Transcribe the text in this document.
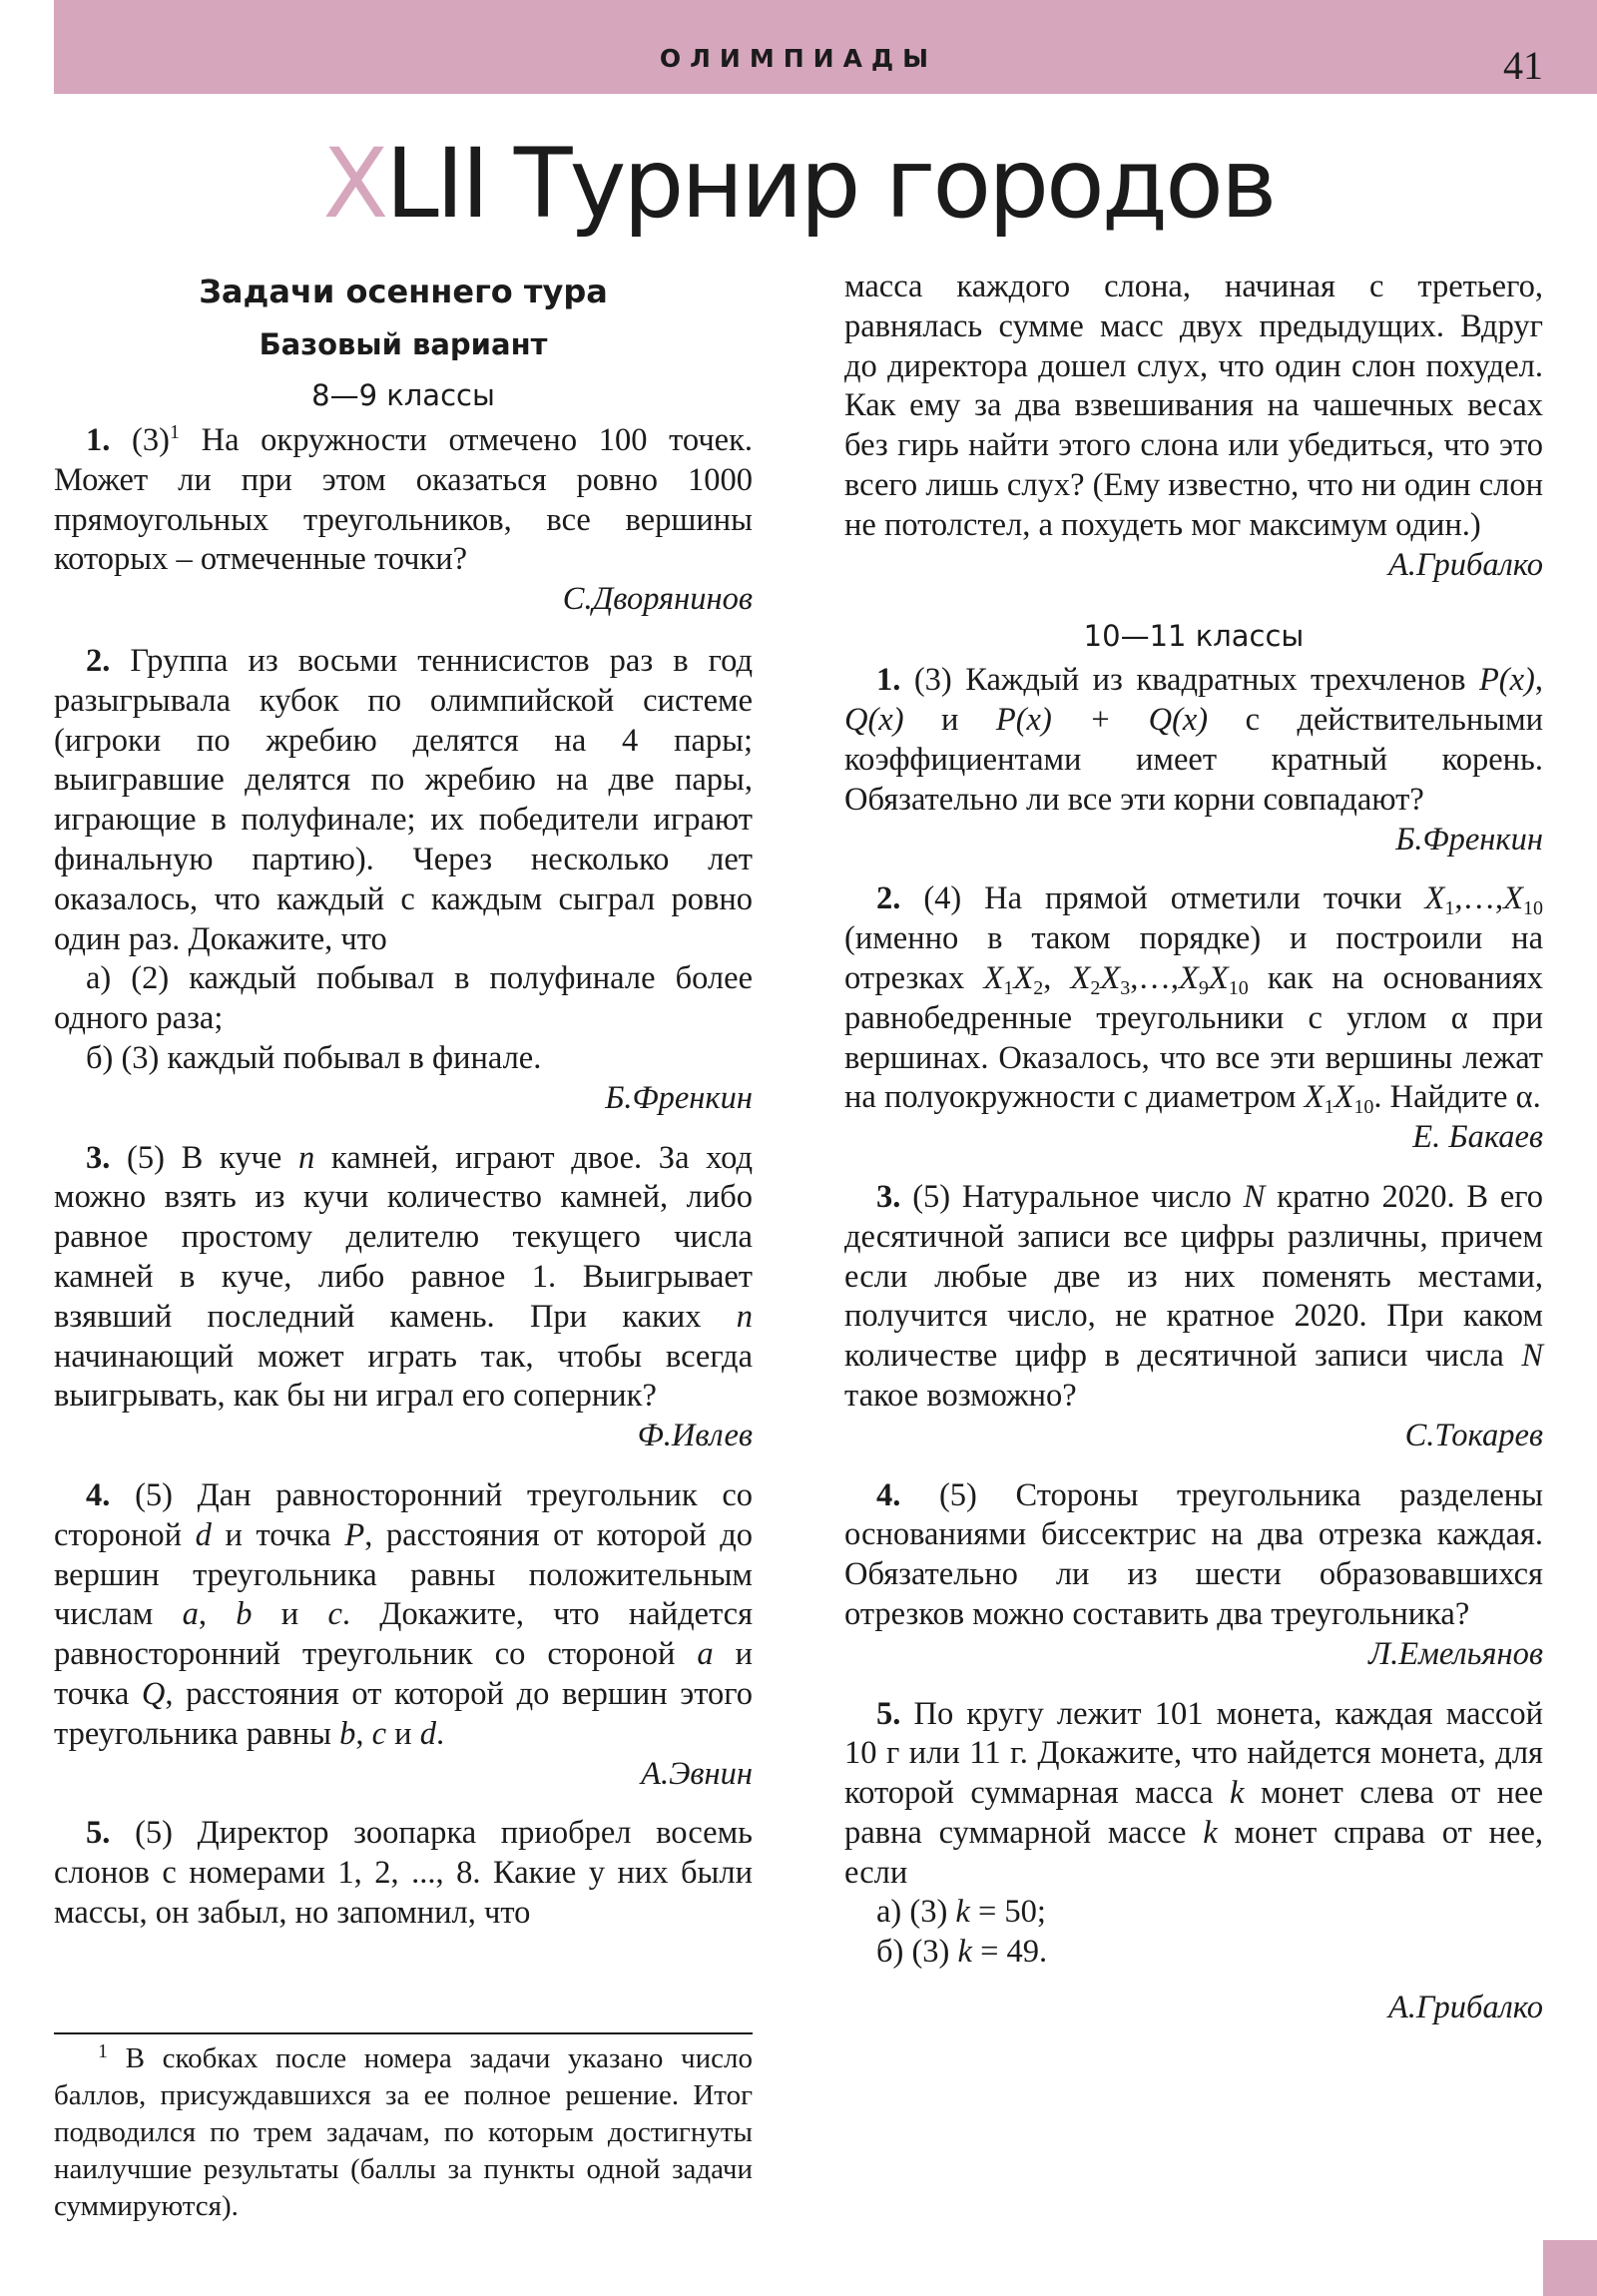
ОЛИМПИАДЫ	41
XLII Турнир городов
Задачи осеннего тура
Базовый вариант
8—9 классы

1. (3)$^1$ На окружности отмечено 100 точек. Может ли при этом оказаться ровно 1000 прямоугольных треугольников, все вершины которых – отмеченные точки?

С.Дворянинов

2. Группа из восьми теннисистов раз в год разыгрывала кубок по олимпийской системе (игроки по жребию делятся на 4 пары; выигравшие делятся по жребию на две пары, играющие в полуфинале; их победители играют финальную партию). Через несколько лет оказалось, что каждый с каждым сыграл ровно один раз. Докажите, что

а) (2) каждый побывал в полуфинале более одного раза;

б) (3) каждый побывал в финале.

Б.Френкин

3. (5) В куче n камней, играют двое. За ход можно взять из кучи количество камней, либо равное простому делителю текущего числа камней в куче, либо равное 1. Выигрывает взявший последний камень. При каких n начинающий может играть так, чтобы всегда выигрывать, как бы ни играл его соперник?

Ф.Ивлев

4. (5) Дан равносторонний треугольник со стороной d и точка P, расстояния от которой до вершин треугольника равны положительным числам a, b и c. Докажите, что найдется равносторонний треугольник со стороной a и точка Q, расстояния от которой до вершин этого треугольника равны b, c и d.

А.Эвнин

5. (5) Директор зоопарка приобрел восемь слонов с номерами 1, 2, ..., 8. Какие у них были массы, он забыл, но запомнил, что

$^1$ В скобках после номера задачи указано число баллов, присуждавшихся за ее полное решение. Итог подводился по трем задачам, по которым достигнуты наилучшие результаты (баллы за пункты одной задачи суммируются).

масса каждого слона, начиная с третьего, равнялась сумме масс двух предыдущих. Вдруг до директора дошел слух, что один слон похудел. Как ему за два взвешивания на чашечных весах без гирь найти этого слона или убедиться, что это всего лишь слух? (Ему известно, что ни один слон не потолстел, а похудеть мог максимум один.)

А.Грибалко
10—11 классы

1. (3) Каждый из квадратных трехчленов P(x), Q(x) и P(x) + Q(x) с действительными коэффициентами имеет кратный корень. Обязательно ли все эти корни совпадают?

Б.Френкин

2. (4) На прямой отметили точки $X_1,\dots,X_{10}$ (именно в таком порядке) и построили на отрезках $X_1X_2$, $X_2X_3,\dots,X_9X_{10}$ как на основаниях равнобедренные треугольники с углом α при вершинах. Оказалось, что все эти вершины лежат на полуокружности с диаметром $X_1X_{10}$. Найдите α.

Е. Бакаев

3. (5) Натуральное число N кратно 2020. В его десятичной записи все цифры различны, причем если любые две из них поменять местами, получится число, не кратное 2020. При каком количестве цифр в десятичной записи числа N такое возможно?

С.Токарев

4. (5) Стороны треугольника разделены основаниями биссектрис на два отрезка каждая. Обязательно ли из шести образовавшихся отрезков можно составить два треугольника?

Л.Емельянов

5. По кругу лежит 101 монета, каждая массой 10 г или 11 г. Докажите, что найдется монета, для которой суммарная масса k монет слева от нее равна суммарной массе k монет справа от нее, если

а) (3) k = 50;

б) (3) k = 49.

А.Грибалко
